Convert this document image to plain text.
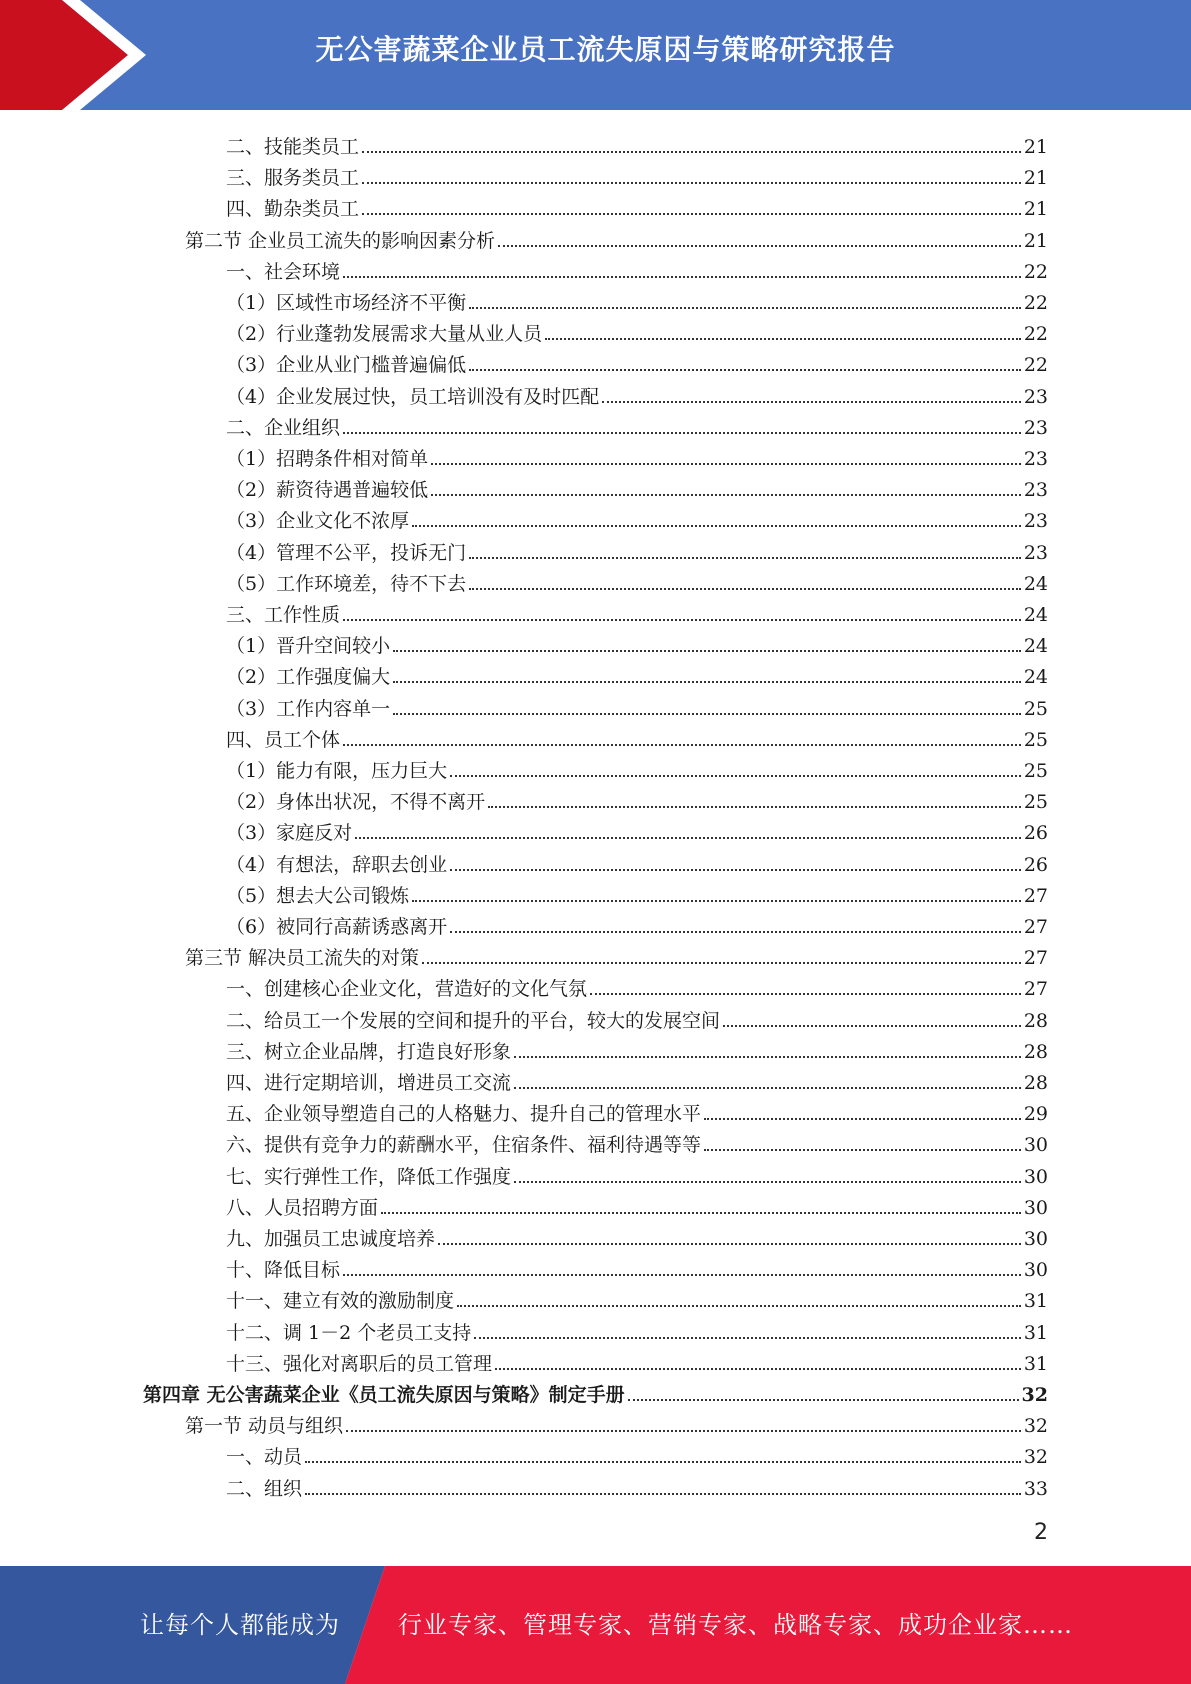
无公害蔬菜企业员工流失原因与策略研究报告
二、技能类员工	21
三、服务类员工	21
四、勤杂类员工	21
第二节 企业员工流失的影响因素分析	21
一、社会环境	22
（1）区域性市场经济不平衡	22
（2）行业蓬勃发展需求大量从业人员	22
（3）企业从业门槛普遍偏低	22
（4）企业发展过快，员工培训没有及时匹配	23
二、企业组织	23
（1）招聘条件相对简单	23
（2）薪资待遇普遍较低	23
（3）企业文化不浓厚	23
（4）管理不公平，投诉无门	23
（5）工作环境差，待不下去	24
三、工作性质	24
（1）晋升空间较小	24
（2）工作强度偏大	24
（3）工作内容单一	25
四、员工个体	25
（1）能力有限，压力巨大	25
（2）身体出状况，不得不离开	25
（3）家庭反对	26
（4）有想法，辞职去创业	26
（5）想去大公司锻炼	27
（6）被同行高薪诱惑离开	27
第三节 解决员工流失的对策	27
一、创建核心企业文化，营造好的文化气氛	27
二、给员工一个发展的空间和提升的平台，较大的发展空间	28
三、树立企业品牌，打造良好形象	28
四、进行定期培训，增进员工交流	28
五、企业领导塑造自己的人格魅力、提升自己的管理水平	29
六、提供有竞争力的薪酬水平，住宿条件、福利待遇等等	30
七、实行弹性工作，降低工作强度	30
八、人员招聘方面	30
九、加强员工忠诚度培养	30
十、降低目标	30
十一、建立有效的激励制度	31
十二、调 1－2 个老员工支持	31
十三、强化对离职后的员工管理	31
第四章 无公害蔬菜企业《员工流失原因与策略》制定手册	32
第一节 动员与组织	32
一、动员	32
二、组织	33
2
让每个人都能成为 行业专家、管理专家、营销专家、战略专家、成功企业家……
